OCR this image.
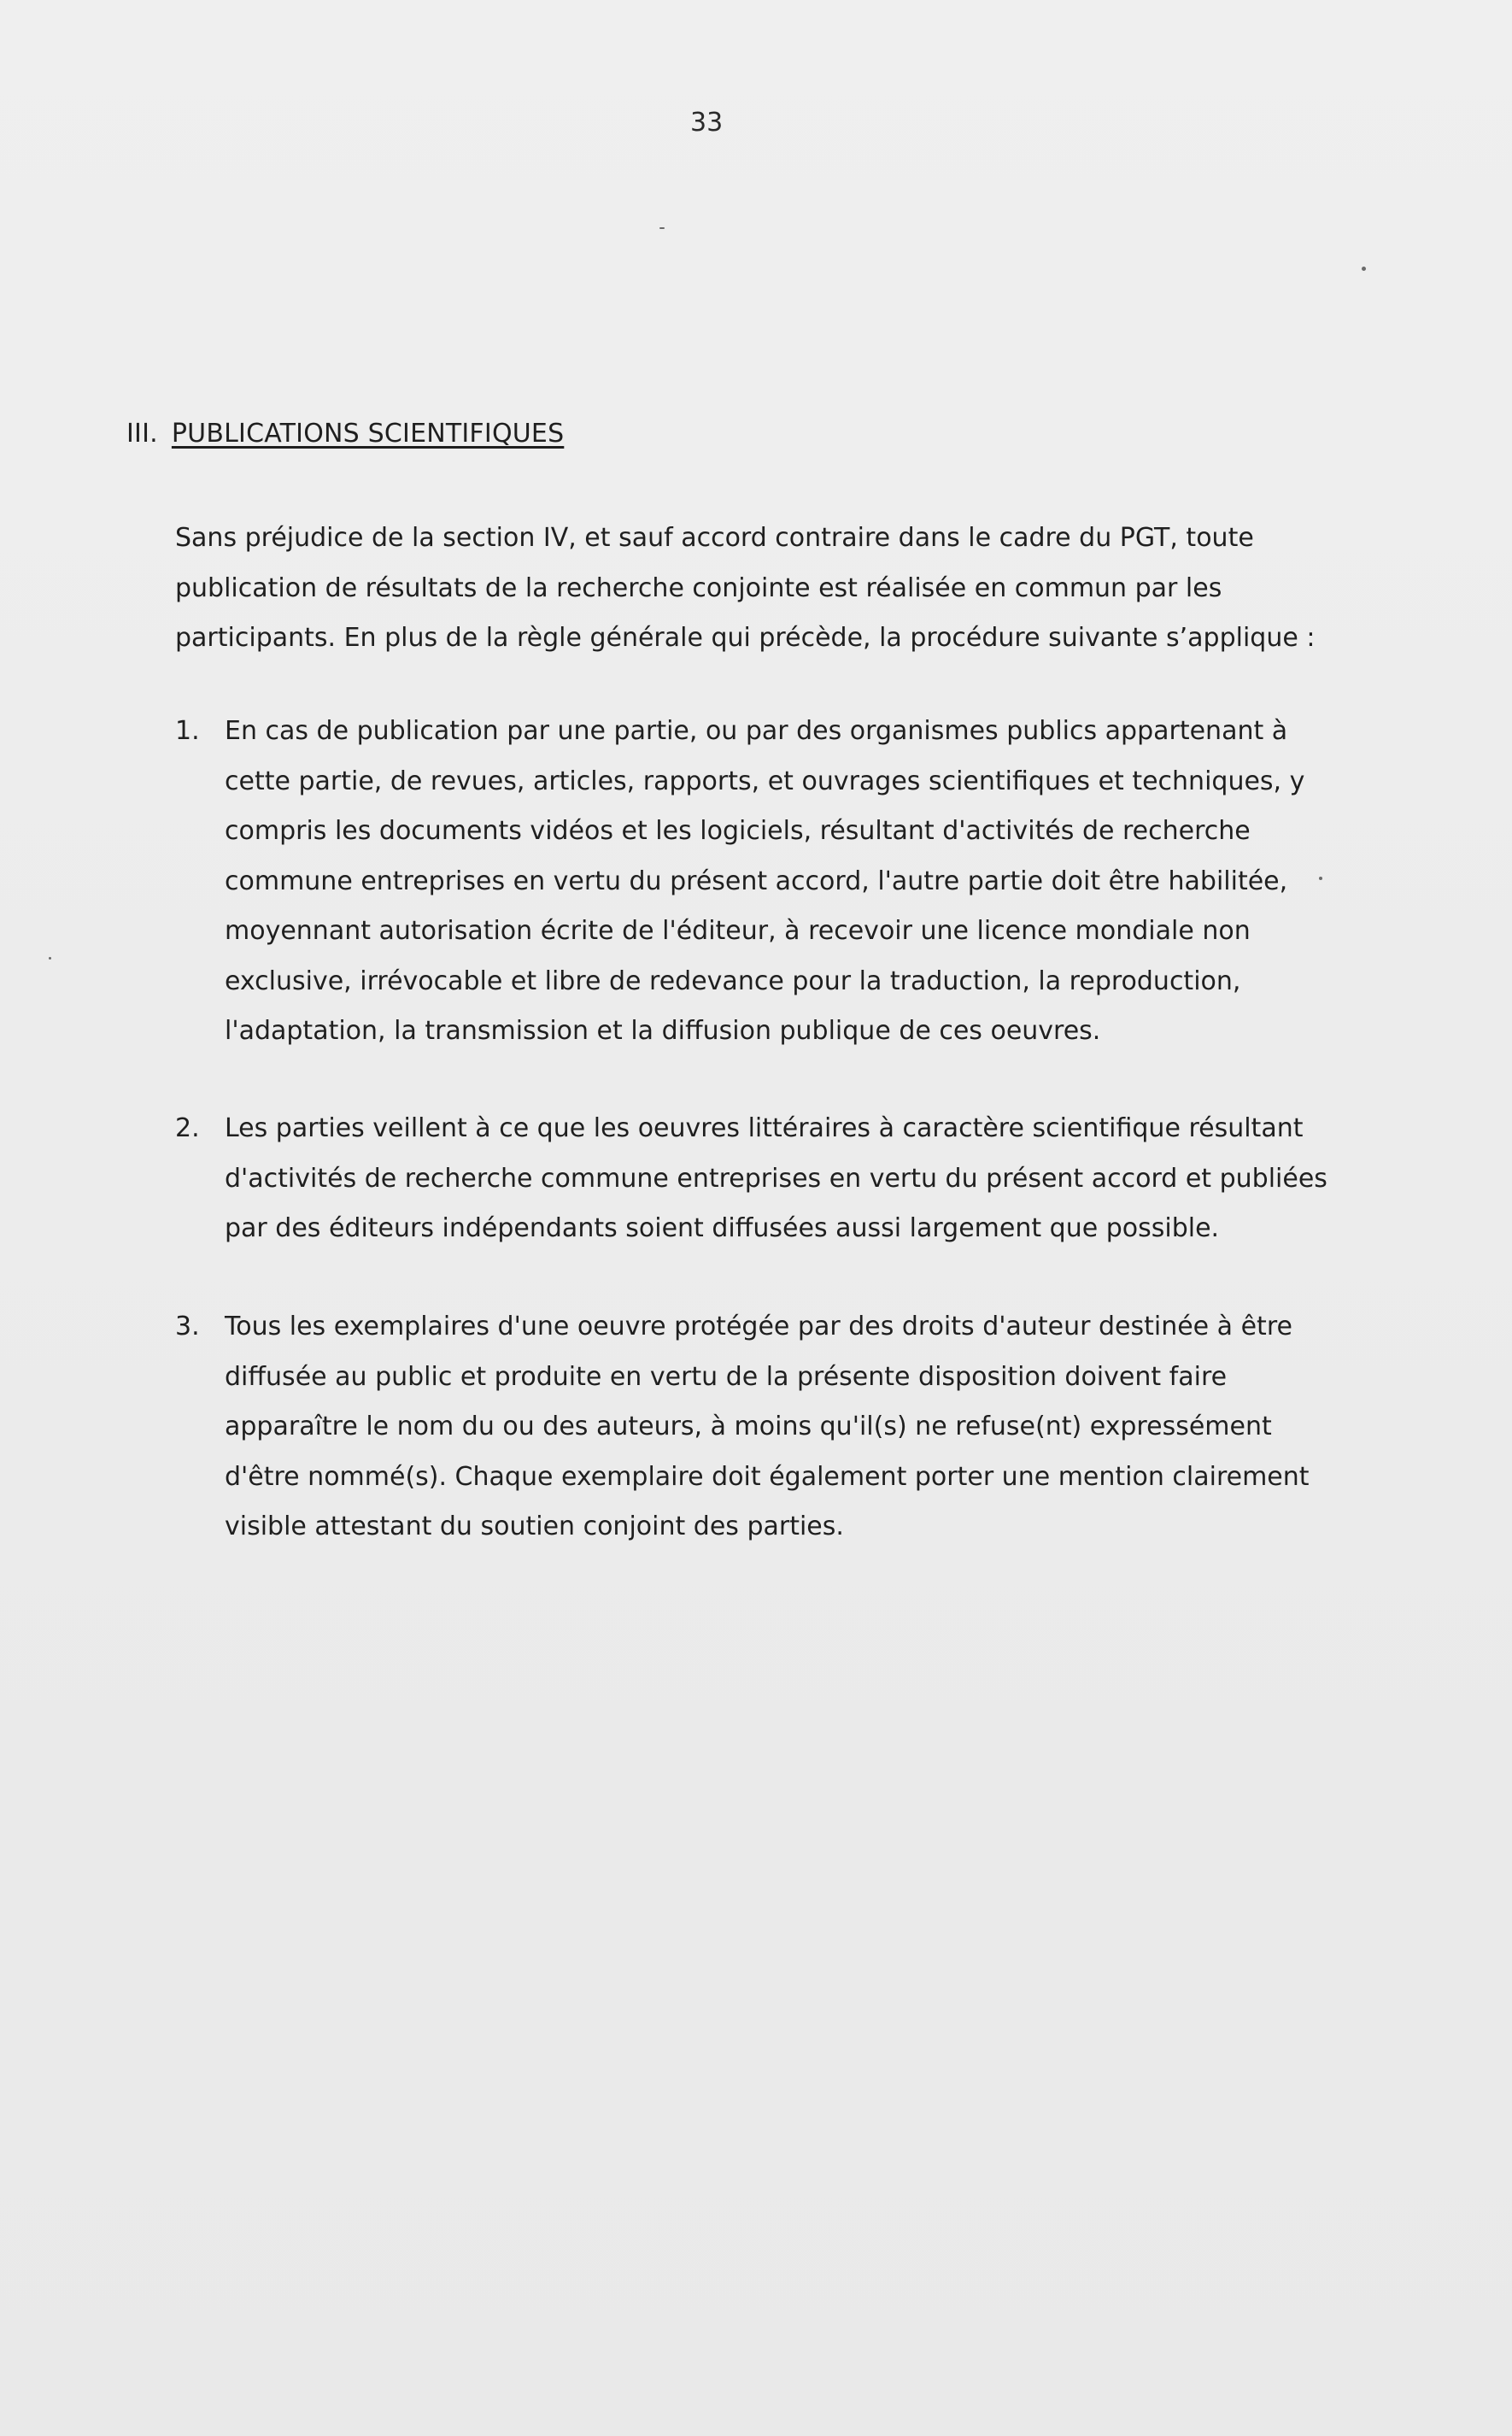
33
III. PUBLICATIONS SCIENTIFIQUES

Sans préjudice de la section IV, et sauf accord contraire dans le cadre du PGT, toute
publication de résultats de la recherche conjointe est réalisée en commun par les
participants. En plus de la règle générale qui précède, la procédure suivante s’applique :

1. En cas de publication par une partie, ou par des organismes publics appartenant à
cette partie, de revues, articles, rapports, et ouvrages scientifiques et techniques, y
compris les documents vidéos et les logiciels, résultant d'activités de recherche
commune entreprises en vertu du présent accord, l'autre partie doit être habilitée,
moyennant autorisation écrite de l'éditeur, à recevoir une licence mondiale non
exclusive, irrévocable et libre de redevance pour la traduction, la reproduction,
l'adaptation, la transmission et la diffusion publique de ces oeuvres.
2. Les parties veillent à ce que les oeuvres littéraires à caractère scientifique résultant
d'activités de recherche commune entreprises en vertu du présent accord et publiées
par des éditeurs indépendants soient diffusées aussi largement que possible.
3. Tous les exemplaires d'une oeuvre protégée par des droits d'auteur destinée à être
diffusée au public et produite en vertu de la présente disposition doivent faire
apparaître le nom du ou des auteurs, à moins qu'il(s) ne refuse(nt) expressément
d'être nommé(s). Chaque exemplaire doit également porter une mention clairement
visible attestant du soutien conjoint des parties.
